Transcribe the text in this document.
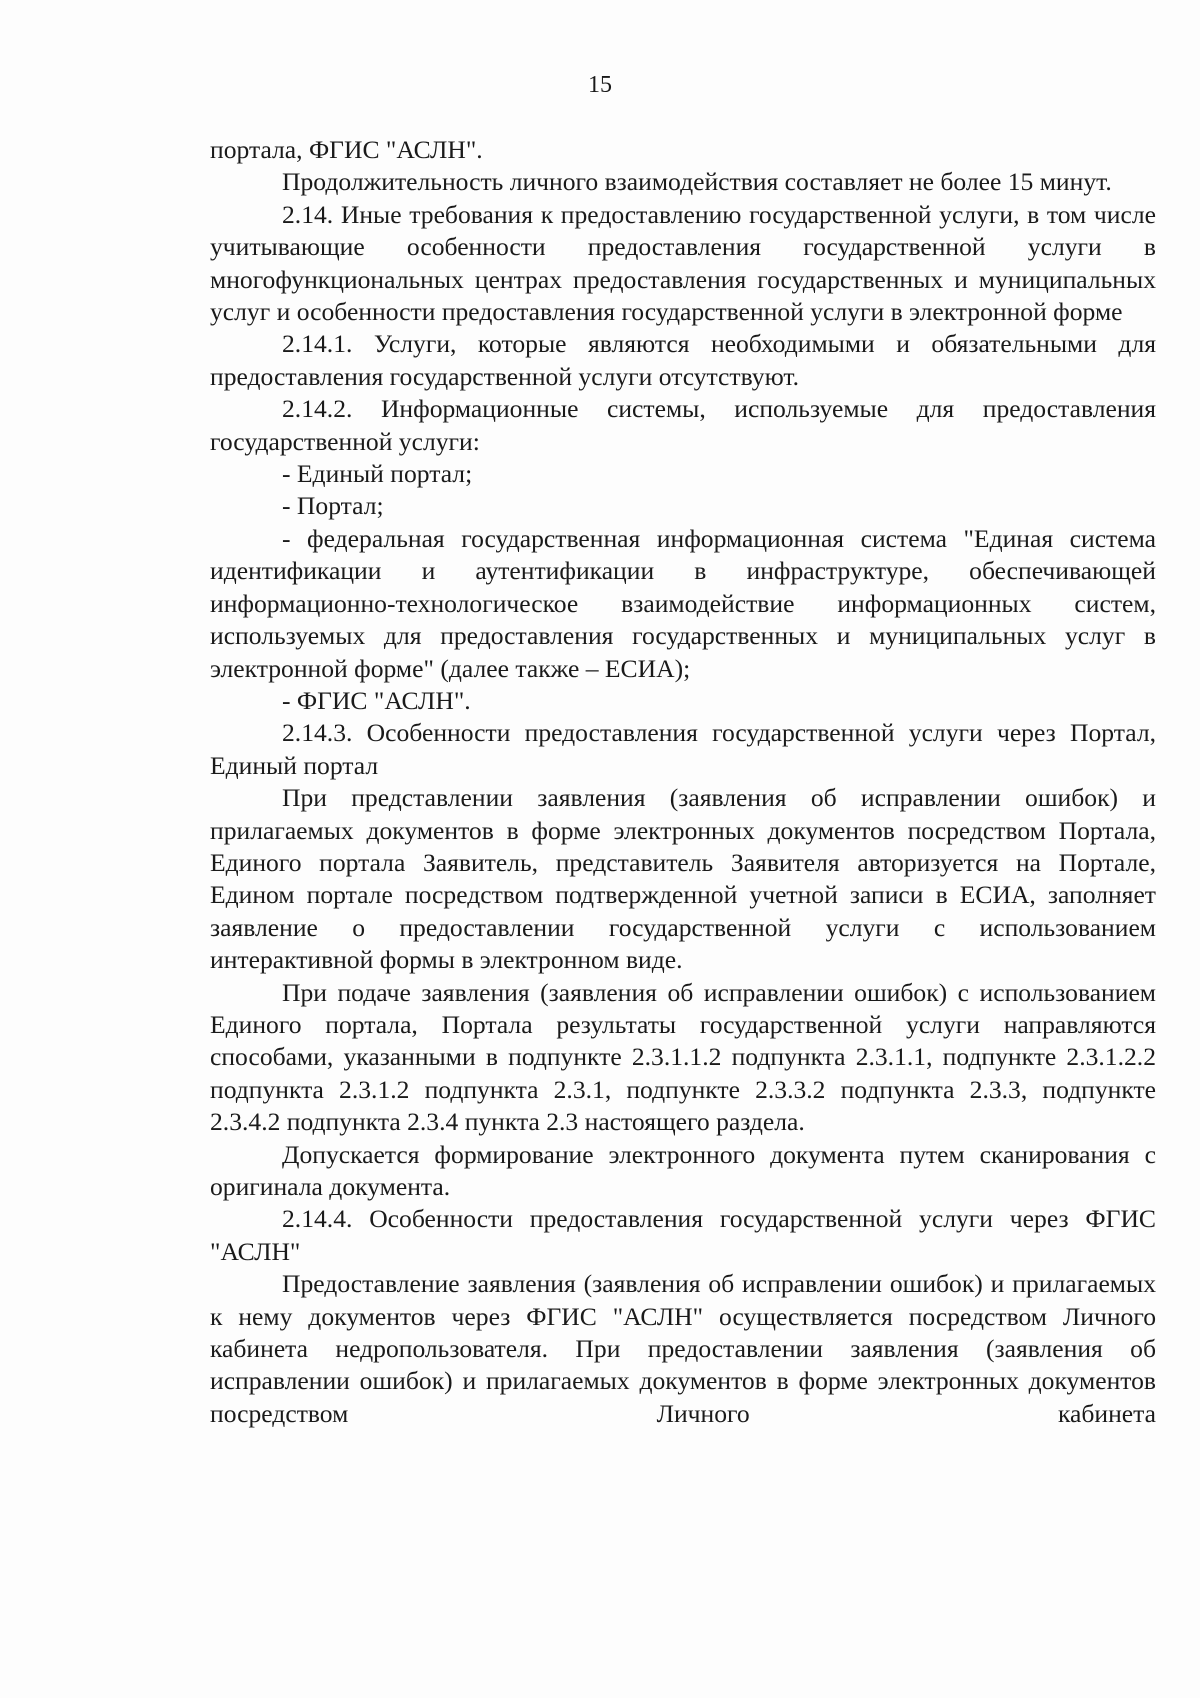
15

портала, ФГИС "АСЛН".

Продолжительность личного взаимодействия составляет не более 15 минут.

2.14. Иные требования к предоставлению государственной услуги, в том числе учитывающие особенности предоставления государственной услуги в многофункциональных центрах предоставления государственных и муниципальных услуг и особенности предоставления государственной услуги в электронной форме

2.14.1. Услуги, которые являются необходимыми и обязательными для предоставления государственной услуги отсутствуют.

2.14.2. Информационные системы, используемые для предоставления государственной услуги:

- Единый портал;

- Портал;

- федеральная государственная информационная система "Единая система идентификации и аутентификации в инфраструктуре, обеспечивающей информационно-технологическое взаимодействие информационных систем, используемых для предоставления государственных и муниципальных услуг в электронной форме" (далее также – ЕСИА);

- ФГИС "АСЛН".

2.14.3. Особенности предоставления государственной услуги через Портал, Единый портал

При представлении заявления (заявления об исправлении ошибок) и прилагаемых документов в форме электронных документов посредством Портала, Единого портала Заявитель, представитель Заявителя авторизуется на Портале, Едином портале посредством подтвержденной учетной записи в ЕСИА, заполняет заявление о предоставлении государственной услуги с использованием интерактивной формы в электронном виде.

При подаче заявления (заявления об исправлении ошибок) с использованием Единого портала, Портала результаты государственной услуги направляются способами, указанными в подпункте 2.3.1.1.2 подпункта 2.3.1.1, подпункте 2.3.1.2.2 подпункта 2.3.1.2 подпункта 2.3.1, подпункте 2.3.3.2 подпункта 2.3.3, подпункте 2.3.4.2 подпункта 2.3.4 пункта 2.3 настоящего раздела.

Допускается формирование электронного документа путем сканирования с оригинала документа.

2.14.4. Особенности предоставления государственной услуги через ФГИС "АСЛН"

Предоставление заявления (заявления об исправлении ошибок) и прилагаемых к нему документов через ФГИС "АСЛН" осуществляется посредством Личного кабинета недропользователя. При предоставлении заявления (заявления об исправлении ошибок) и прилагаемых документов в форме электронных документов посредством Личного кабинета
